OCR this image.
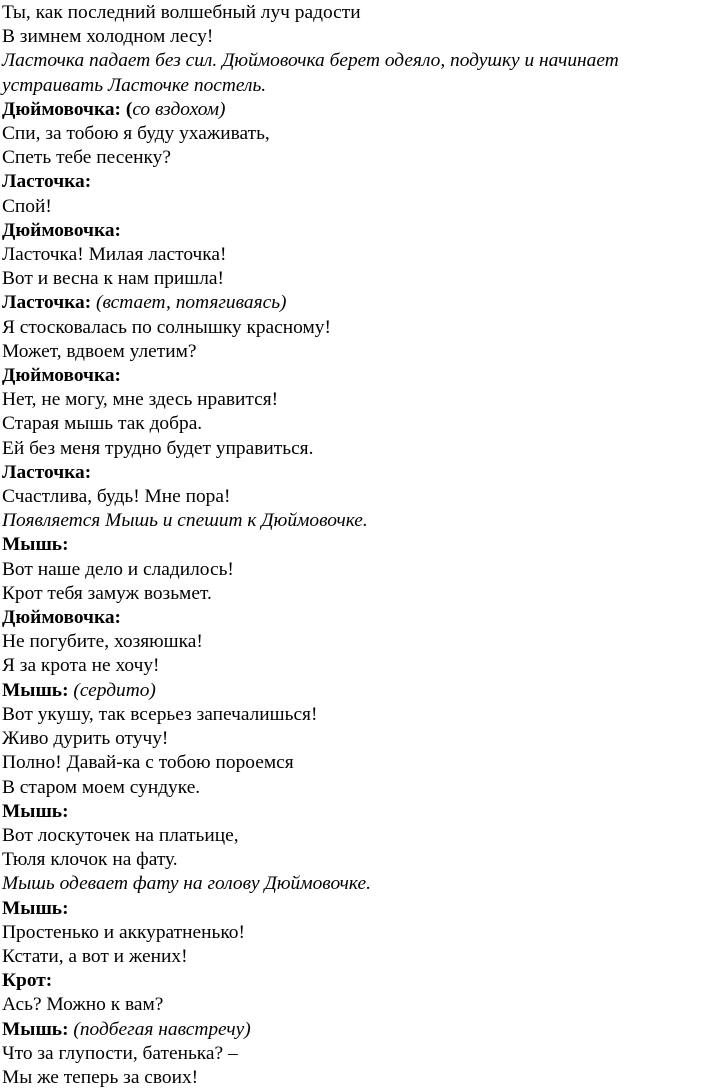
Ты, как последний волшебный луч радости
В зимнем холодном лесу!
Ласточка падает без сил. Дюймовочка берет одеяло, подушку и начинает
устраивать Ласточке постель.
Дюймовочка: (со вздохом)
Спи, за тобою я буду ухаживать,
Спеть тебе песенку?
Ласточка:
Спой!
Дюймовочка:
Ласточка! Милая ласточка!
Вот и весна к нам пришла!
Ласточка: (встает, потягиваясь)
Я стосковалась по солнышку красному!
Может, вдвоем улетим?
Дюймовочка:
Нет, не могу, мне здесь нравится!
Старая мышь так добра.
Ей без меня трудно будет управиться.
Ласточка:
Счастлива, будь! Мне пора!
Появляется Мышь и спешит к Дюймовочке.
Мышь:
Вот наше дело и сладилось!
Крот тебя замуж возьмет.
Дюймовочка:
Не погубите, хозяюшка!
Я за крота не хочу!
Мышь: (сердито)
Вот укушу, так всерьез запечалишься!
Живо дурить отучу!
Полно! Давай-ка с тобою пороемся
В старом моем сундуке.
Мышь:
Вот лоскуточек на платьице,
Тюля клочок на фату.
Мышь одевает фату на голову Дюймовочке.
Мышь:
Простенько и аккуратненько!
Кстати, а вот и жених!
Крот:
Ась? Можно к вам?
Мышь: (подбегая навстречу)
Что за глупости, батенька? –
Мы же теперь за своих!
